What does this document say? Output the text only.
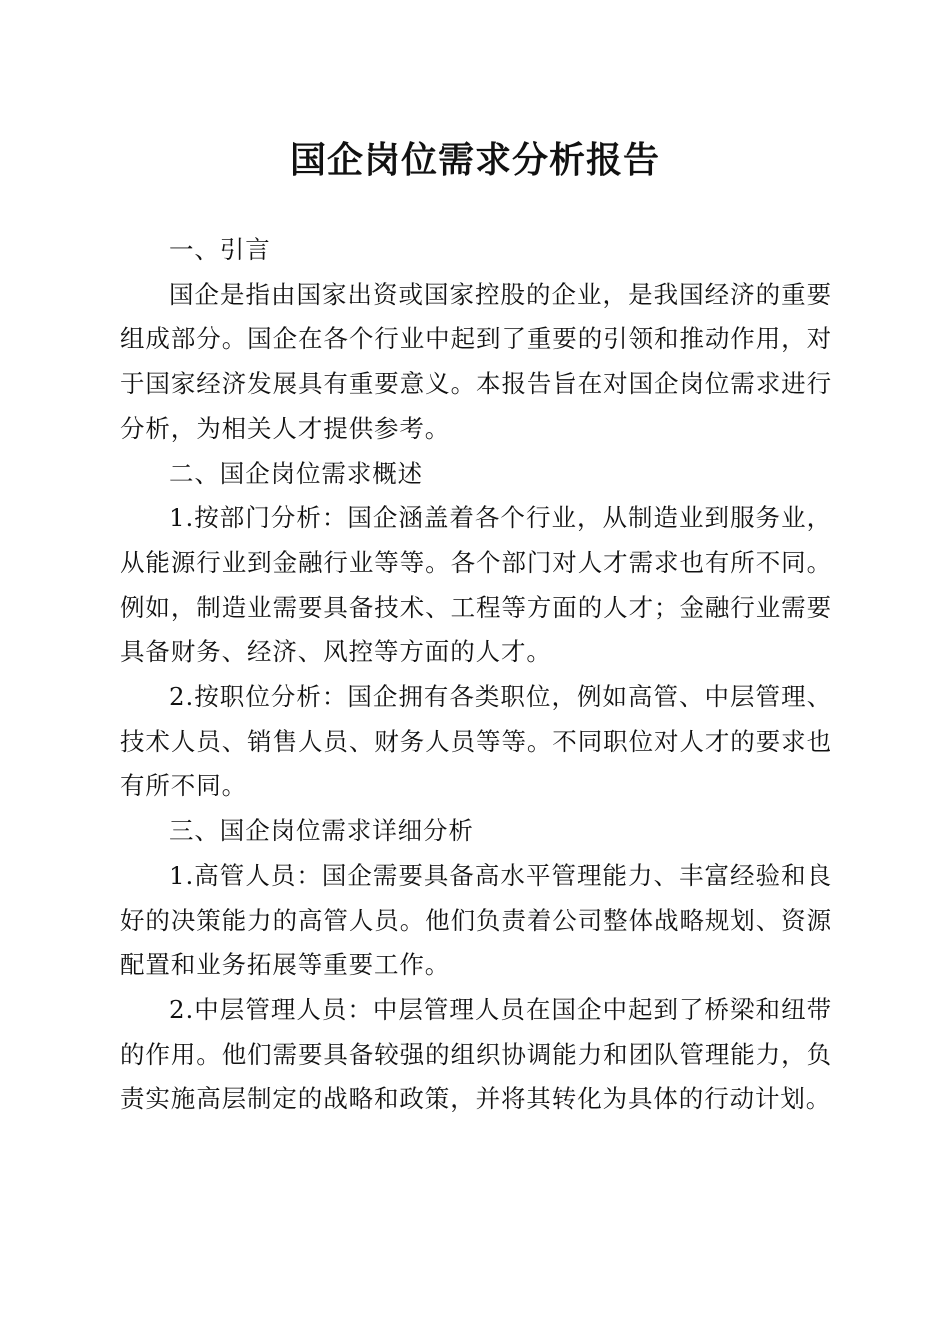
国企岗位需求分析报告

一、引言

国企是指由国家出资或国家控股的企业，是我国经济的重要组成部分。国企在各个行业中起到了重要的引领和推动作用，对于国家经济发展具有重要意义。本报告旨在对国企岗位需求进行分析，为相关人才提供参考。

二、国企岗位需求概述

1.按部门分析：国企涵盖着各个行业，从制造业到服务业，从能源行业到金融行业等等。各个部门对人才需求也有所不同。例如，制造业需要具备技术、工程等方面的人才；金融行业需要具备财务、经济、风控等方面的人才。

2.按职位分析：国企拥有各类职位，例如高管、中层管理、技术人员、销售人员、财务人员等等。不同职位对人才的要求也有所不同。

三、国企岗位需求详细分析

1.高管人员：国企需要具备高水平管理能力、丰富经验和良好的决策能力的高管人员。他们负责着公司整体战略规划、资源配置和业务拓展等重要工作。

2.中层管理人员：中层管理人员在国企中起到了桥梁和纽带的作用。他们需要具备较强的组织协调能力和团队管理能力，负责实施高层制定的战略和政策，并将其转化为具体的行动计划。
